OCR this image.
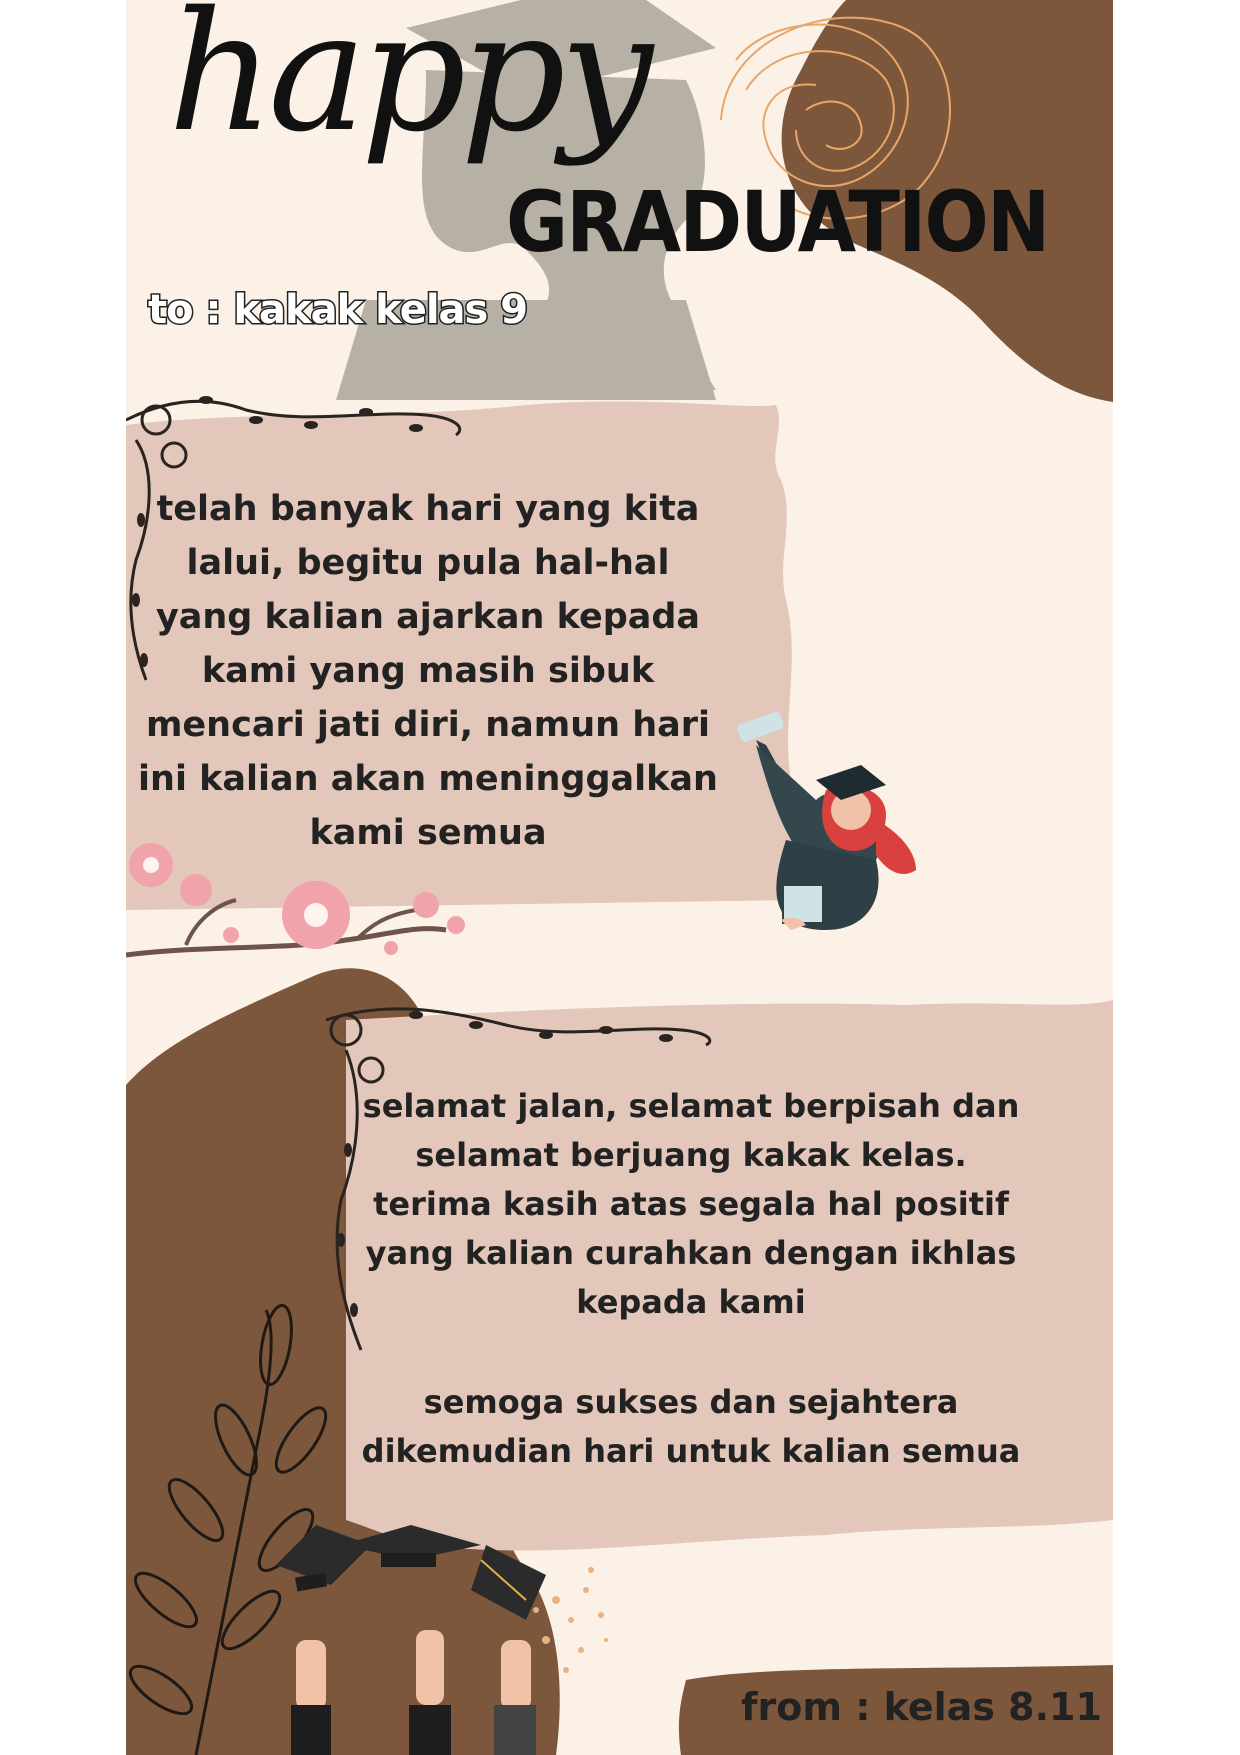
happy
GRADUATION
to : kakak kelas 9
telah banyak hari yang kita lalui, begitu pula hal-hal yang kalian ajarkan kepada kami yang masih sibuk mencari jati diri, namun hari ini kalian akan meninggalkan kami semua
selamat jalan, selamat berpisah dan selamat berjuang kakak kelas. terima kasih atas segala hal positif yang kalian curahkan dengan ikhlas kepada kami
semoga sukses dan sejahtera dikemudian hari untuk kalian semua
from : kelas 8.11
